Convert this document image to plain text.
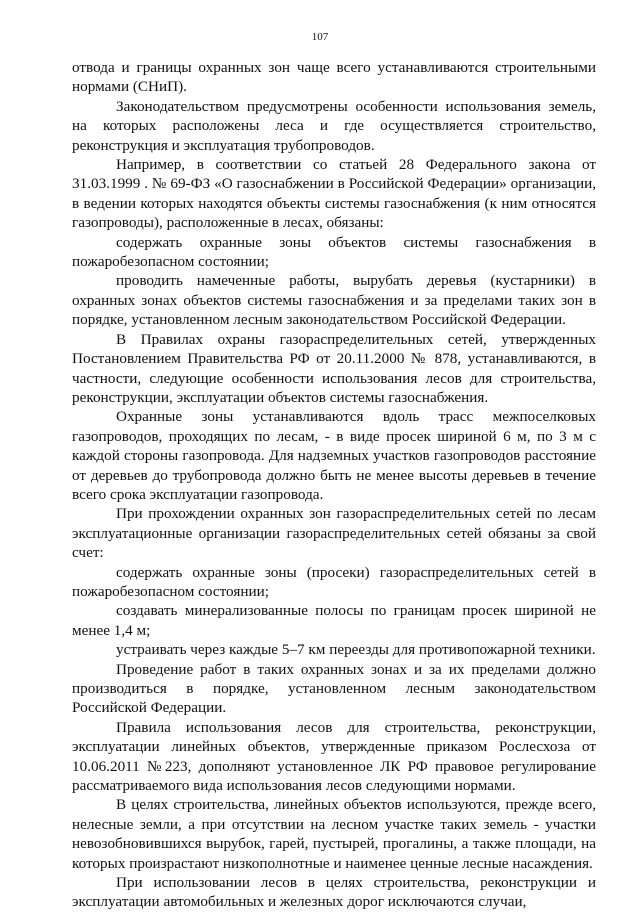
107

отвода и границы охранных зон чаще всего устанавливаются строительными нормами (СНиП).

Законодательством предусмотрены особенности использования земель, на которых расположены леса и где осуществляется строительство, реконструкция и эксплуатация трубопроводов.

Например, в соответствии со статьей 28 Федерального закона от 31.03.1999 . № 69-ФЗ «О газоснабжении в Российской Федерации» организации, в ведении которых находятся объекты системы газоснабжения (к ним относятся газопроводы), расположенные в лесах, обязаны:

содержать охранные зоны объектов системы газоснабжения в пожаробезопасном состоянии;

проводить намеченные работы, вырубать деревья (кустарники) в охранных зонах объектов системы газоснабжения и за пределами таких зон в порядке, установленном лесным законодательством Российской Федерации.

В Правилах охраны газораспределительных сетей, утвержденных Постановлением Правительства РФ от 20.11.2000 № 878, устанавливаются, в частности, следующие особенности использования лесов для строительства, реконструкции, эксплуатации объектов системы газоснабжения.

Охранные зоны устанавливаются вдоль трасс межпоселковых газопроводов, проходящих по лесам, - в виде просек шириной 6 м, по 3 м с каждой стороны газопровода. Для надземных участков газопроводов расстояние от деревьев до трубопровода должно быть не менее высоты деревьев в течение всего срока эксплуатации газопровода.

При прохождении охранных зон газораспределительных сетей по лесам эксплуатационные организации газораспределительных сетей обязаны за свой счет:

содержать охранные зоны (просеки) газораспределительных сетей в пожаробезопасном состоянии;

создавать минерализованные полосы по границам просек шириной не менее 1,4 м;

устраивать через каждые 5–7 км переезды для противопожарной техники.

Проведение работ в таких охранных зонах и за их пределами должно производиться в порядке, установленном лесным законодательством Российской Федерации.

Правила использования лесов для строительства, реконструкции, эксплуатации линейных объектов, утвержденные приказом Рослесхоза от 10.06.2011 №223, дополняют установленное ЛК РФ правовое регулирование рассматриваемого вида использования лесов следующими нормами.

В целях строительства, линейных объектов используются, прежде всего, нелесные земли, а при отсутствии на лесном участке таких земель - участки невозобновившихся вырубок, гарей, пустырей, прогалины, а также площади, на которых произрастают низкополнотные и наименее ценные лесные насаждения.

При использовании лесов в целях строительства, реконструкции и эксплуатации автомобильных и железных дорог исключаются случаи,
